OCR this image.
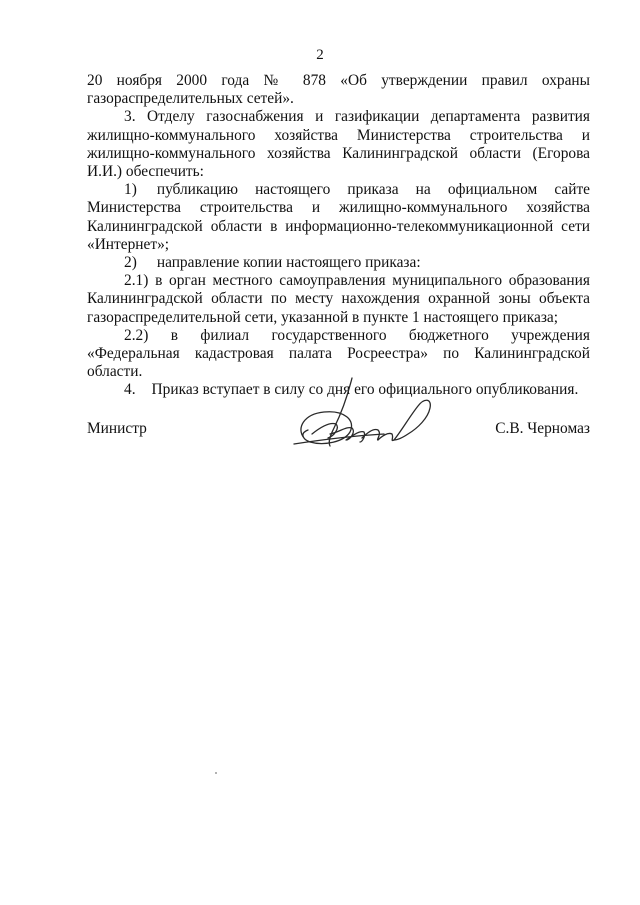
2

20 ноября 2000 года № 878 «Об утверждении правил охраны

газораспределительных сетей».

3. Отделу газоснабжения и газификации департамента развития жилищно-коммунального хозяйства Министерства строительства и жилищно-коммунального хозяйства Калининградской области (Егорова И.И.) обеспечить:

1) публикацию настоящего приказа на официальном сайте Министерства строительства и жилищно-коммунального хозяйства Калининградской области в информационно-телекоммуникационной сети «Интернет»;

2) направление копии настоящего приказа:

2.1) в орган местного самоуправления муниципального образования Калининградской области по месту нахождения охранной зоны объекта газораспределительной сети, указанной в пункте 1 настоящего приказа;

2.2) в филиал государственного бюджетного учреждения «Федеральная кадастровая палата Росреестра» по Калининградской области.

4. Приказ вступает в силу со дня его официального опубликования.

Министр	С.В. Черномаз
